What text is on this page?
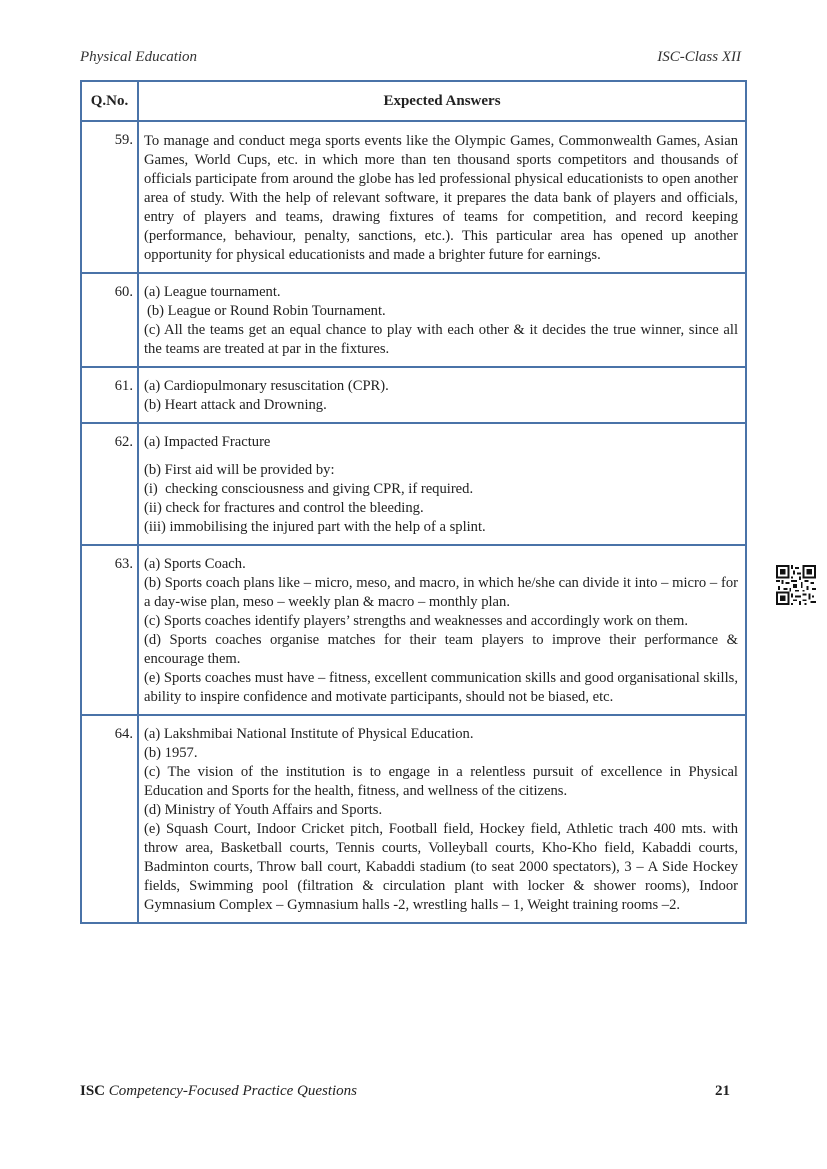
Physical Education	ISC-Class XII
Q.No.	Expected Answers
59.	To manage and conduct mega sports events like the Olympic Games, Commonwealth Games, Asian Games, World Cups, etc. in which more than ten thousand sports competitors and thousands of officials participate from around the globe has led professional physical educationists to open another area of study. With the help of relevant software, it prepares the data bank of players and officials, entry of players and teams, drawing fixtures of teams for competition, and record keeping (performance, behaviour, penalty, sanctions, etc.). This particular area has opened up another opportunity for physical educationists and made a brighter future for earnings.

60.	(a) League tournament.

(b) League or Round Robin Tournament.

(c) All the teams get an equal chance to play with each other & it decides the true winner, since all the teams are treated at par in the fixtures.

61.	(a) Cardiopulmonary resuscitation (CPR).

(b) Heart attack and Drowning.

62.	(a) Impacted Fracture

(b) First aid will be provided by:

(i)  checking consciousness and giving CPR, if required.

(ii) check for fractures and control the bleeding.

(iii) immobilising the injured part with the help of a splint.

63.	(a) Sports Coach.

(b) Sports coach plans like – micro, meso, and macro, in which he/she can divide it into – micro – for a day-wise plan, meso – weekly plan & macro – monthly plan.

(c) Sports coaches identify players’ strengths and weaknesses and accordingly work on them.

(d) Sports coaches organise matches for their team players to improve their performance & encourage them.

(e) Sports coaches must have – fitness, excellent communication skills and good organisational skills, ability to inspire confidence and motivate participants, should not be biased, etc.

64.	(a) Lakshmibai National Institute of Physical Education.

(b) 1957.

(c) The vision of the institution is to engage in a relentless pursuit of excellence in Physical Education and Sports for the health, fitness, and wellness of the citizens.

(d) Ministry of Youth Affairs and Sports.

(e) Squash Court, Indoor Cricket pitch, Football field, Hockey field, Athletic trach 400 mts. with throw area, Basketball courts, Tennis courts, Volleyball courts, Kho-Kho field, Kabaddi courts, Badminton courts, Throw ball court, Kabaddi stadium (to seat 2000 spectators), 3 – A Side Hockey fields, Swimming pool (filtration & circulation plant with locker & shower rooms), Indoor Gymnasium Complex – Gymnasium halls -2, wrestling halls – 1, Weight training rooms –2.

ISC Competency-Focused Practice Questions	21
